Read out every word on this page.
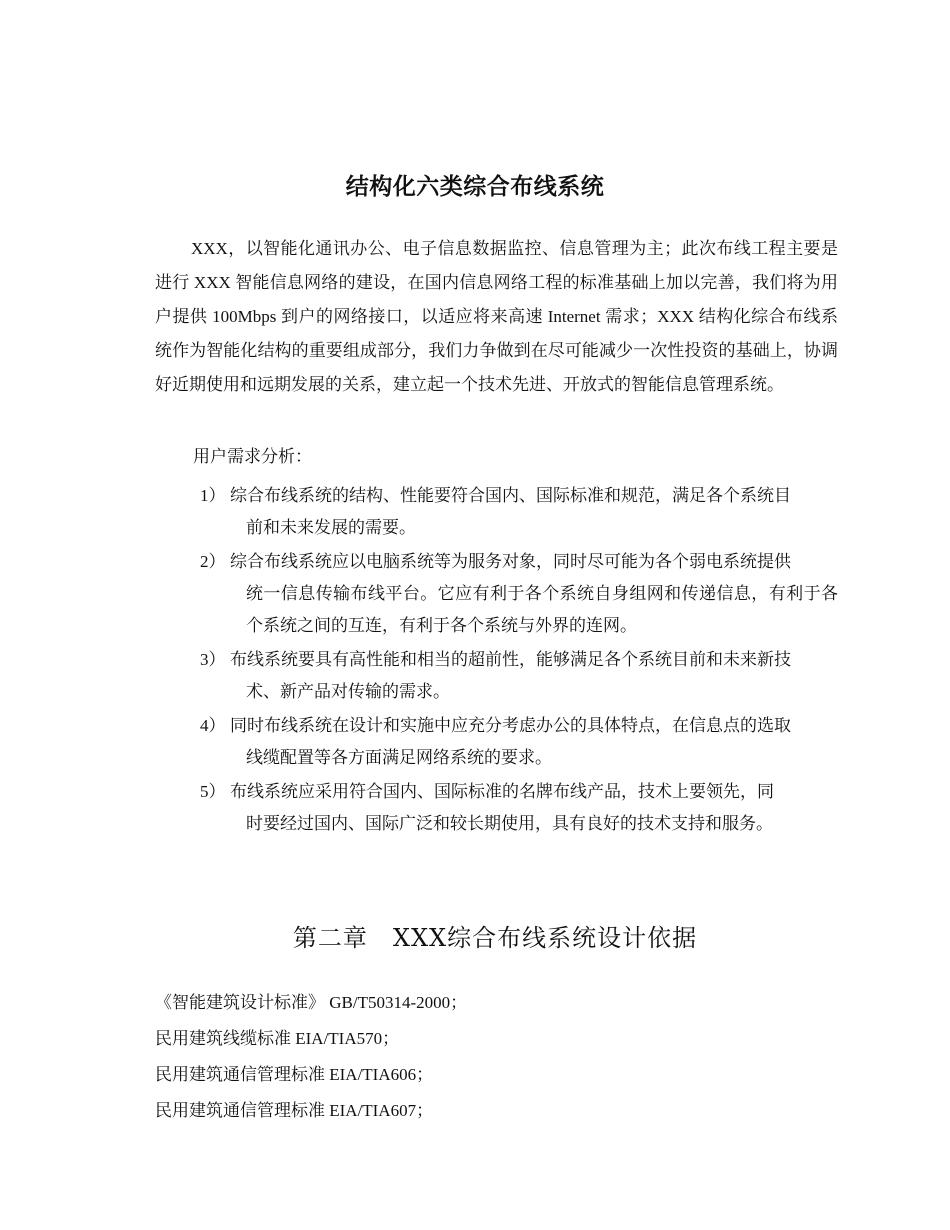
结构化六类综合布线系统
XXX，以智能化通讯办公、电子信息数据监控、信息管理为主；此次布线工程主要是进行 XXX 智能信息网络的建设，在国内信息网络工程的标准基础上加以完善，我们将为用户提供 100Mbps 到户的网络接口，以适应将来高速 Internet 需求；XXX 结构化综合布线系统作为智能化结构的重要组成部分，我们力争做到在尽可能减少一次性投资的基础上，协调好近期使用和远期发展的关系，建立起一个技术先进、开放式的智能信息管理系统。
用户需求分析：
1） 综合布线系统的结构、性能要符合国内、国际标准和规范，满足各个系统目
前和未来发展的需要。
2） 综合布线系统应以电脑系统等为服务对象，同时尽可能为各个弱电系统提供
统一信息传输布线平台。它应有利于各个系统自身组网和传递信息，有利于各个系统之间的互连，有利于各个系统与外界的连网。
3） 布线系统要具有高性能和相当的超前性，能够满足各个系统目前和未来新技
术、新产品对传输的需求。
4） 同时布线系统在设计和实施中应充分考虑办公的具体特点，在信息点的选取
线缆配置等各方面满足网络系统的要求。
5） 布线系统应采用符合国内、国际标准的名牌布线产品，技术上要领先，同
时要经过国内、国际广泛和较长期使用，具有良好的技术支持和服务。
第二章　XXX综合布线系统设计依据
《智能建筑设计标准》 GB/T50314-2000；
民用建筑线缆标准 EIA/TIA570；
民用建筑通信管理标准 EIA/TIA606；
民用建筑通信管理标准 EIA/TIA607；
